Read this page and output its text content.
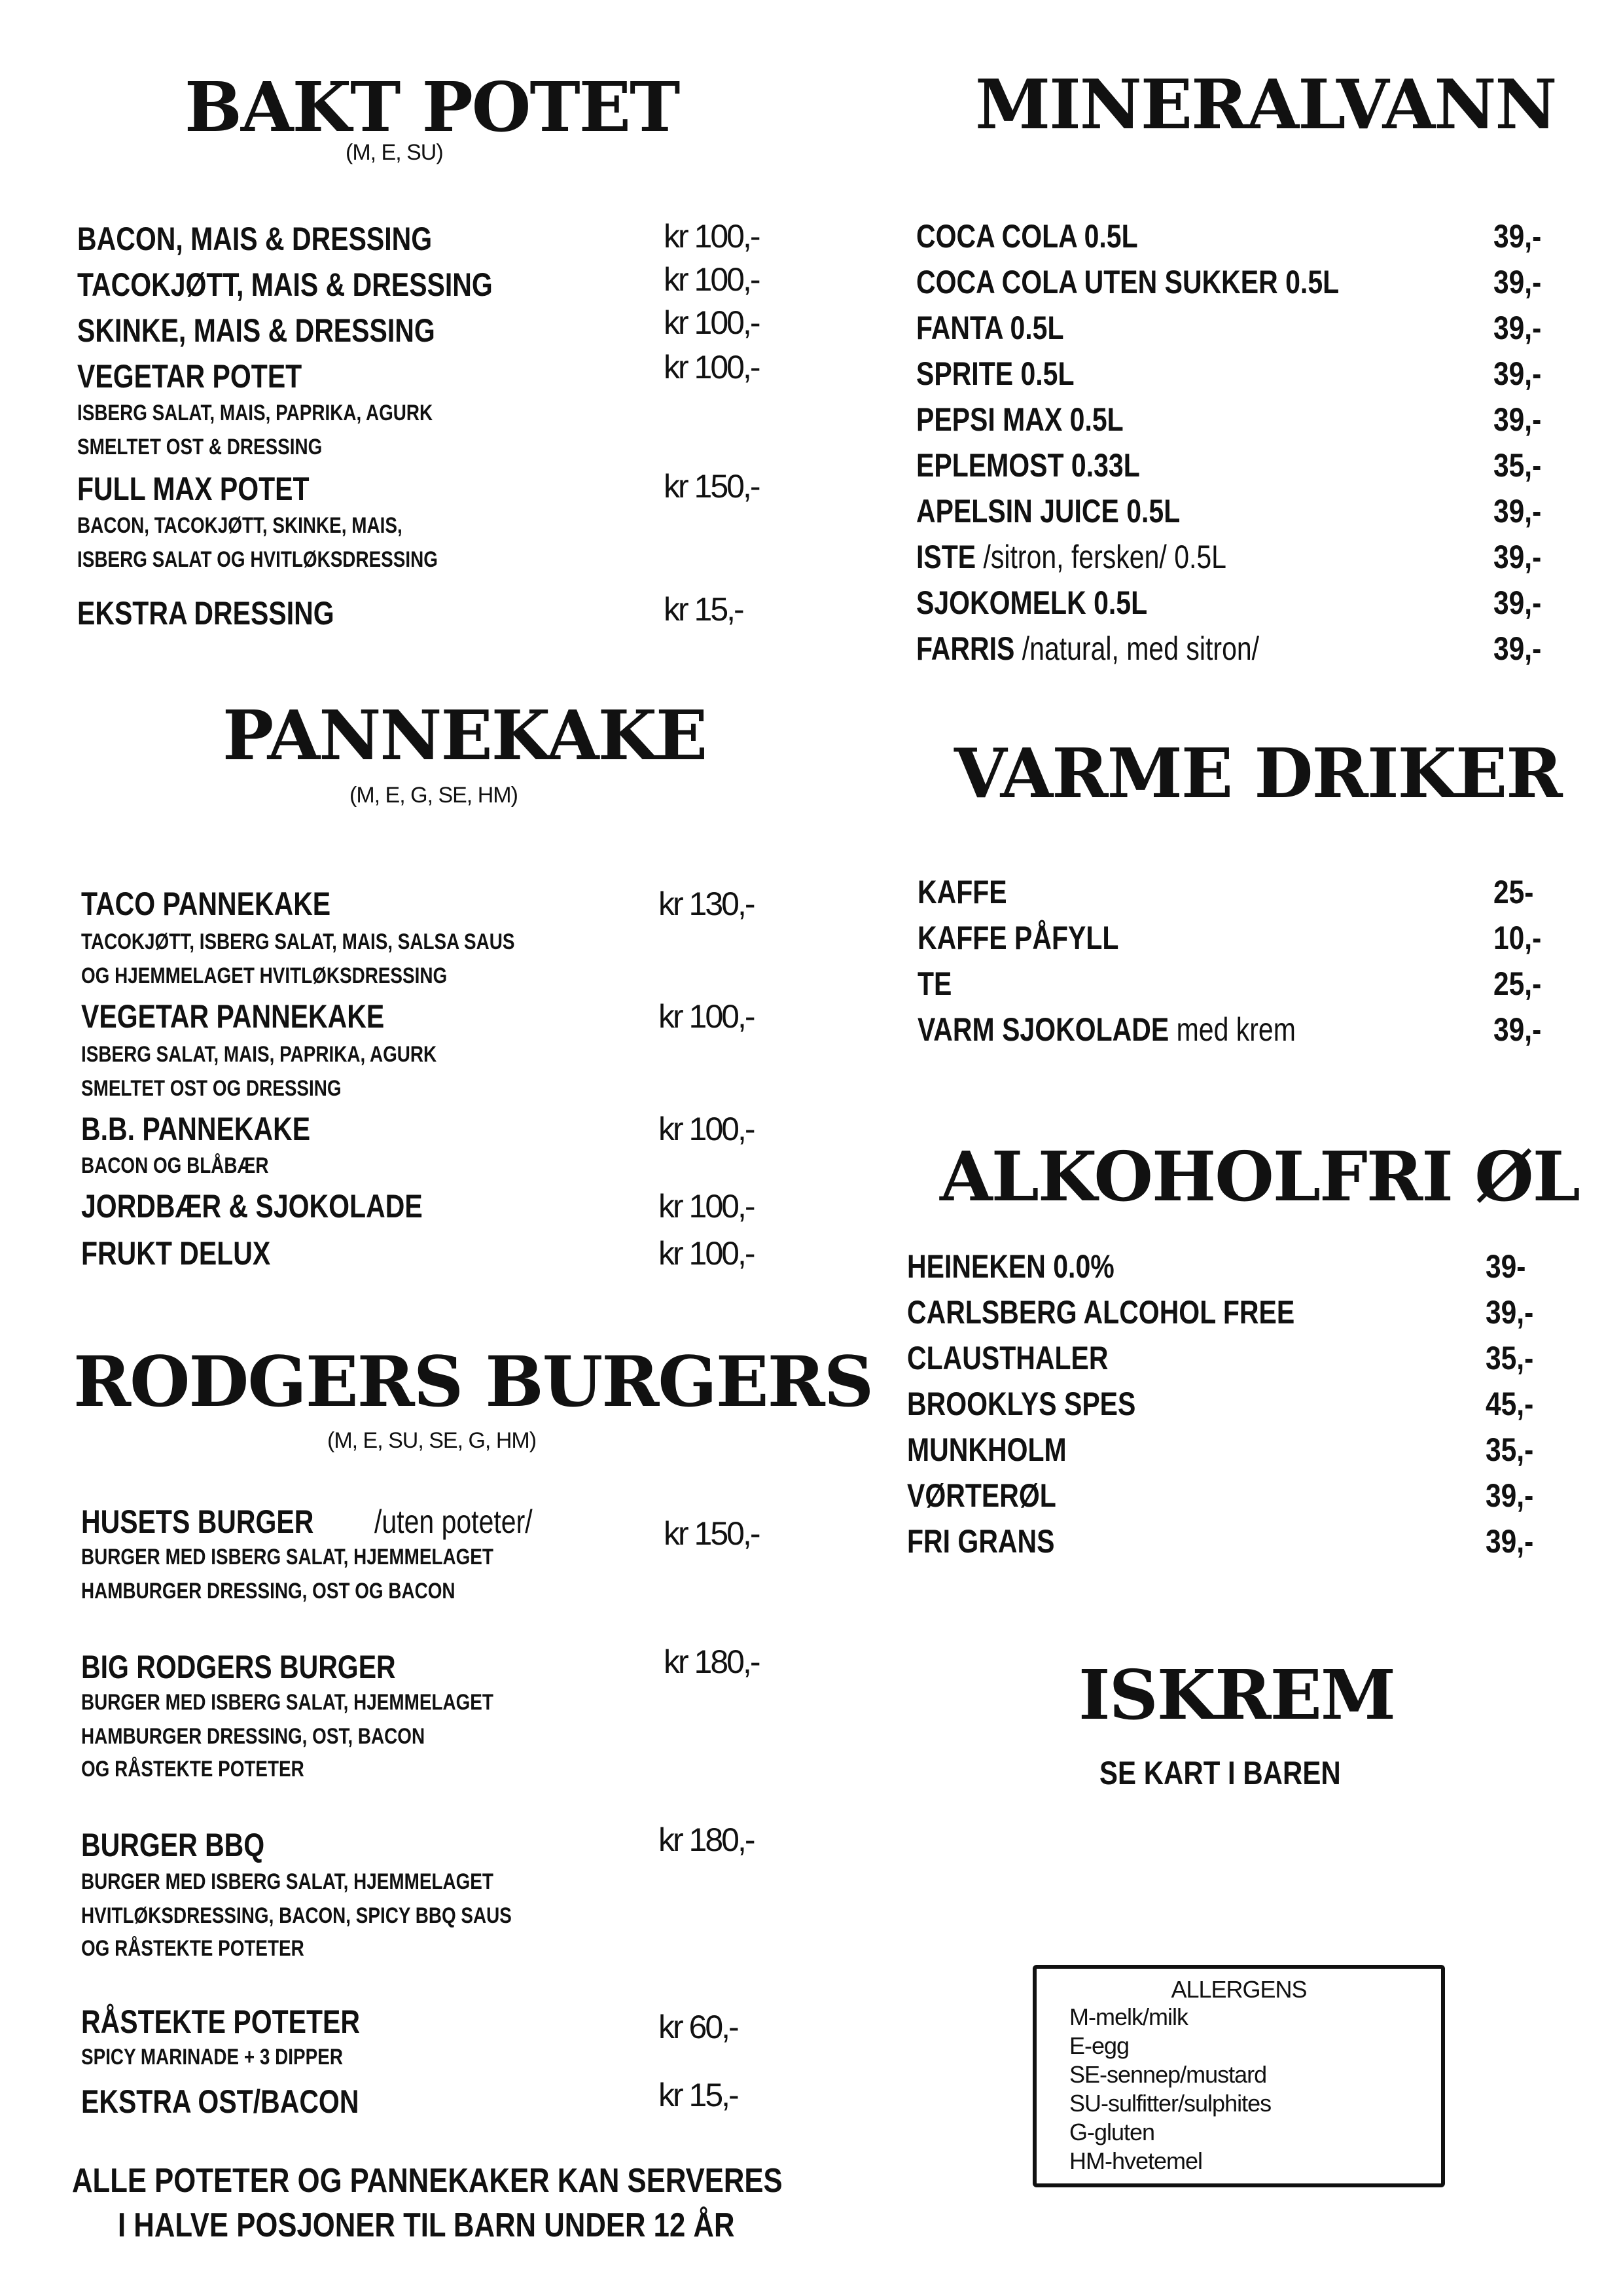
BAKT POTET
(M, E, SU)
BACON, MAIS & DRESSING	kr 100,-
TACOKJØTT, MAIS & DRESSING	kr 100,-
SKINKE, MAIS & DRESSING	kr 100,-
VEGETAR POTET	kr 100,-
ISBERG SALAT, MAIS, PAPRIKA, AGURK
SMELTET OST & DRESSING
FULL MAX POTET	kr 150,-
BACON, TACOKJØTT, SKINKE, MAIS,
ISBERG SALAT OG HVITLØKSDRESSING
EKSTRA DRESSING	kr 15,-
PANNEKAKE
(M, E, G, SE, HM)
TACO PANNEKAKE	kr 130,-
TACOKJØTT, ISBERG SALAT, MAIS, SALSA SAUS
OG HJEMMELAGET HVITLØKSDRESSING
VEGETAR PANNEKAKE	kr 100,-
ISBERG SALAT, MAIS, PAPRIKA, AGURK
SMELTET OST OG DRESSING
B.B. PANNEKAKE	kr 100,-
BACON OG BLÅBÆR
JORDBÆR & SJOKOLADE	kr 100,-
FRUKT DELUX	kr 100,-
RODGERS BURGERS
(M, E, SU, SE, G, HM)
HUSETS BURGER /uten poteter/	kr 150,-
BURGER MED ISBERG SALAT, HJEMMELAGET
HAMBURGER DRESSING, OST OG BACON
BIG RODGERS BURGER	kr 180,-
BURGER MED ISBERG SALAT, HJEMMELAGET
HAMBURGER DRESSING, OST, BACON
OG RÅSTEKTE POTETER
BURGER BBQ	kr 180,-
BURGER MED ISBERG SALAT, HJEMMELAGET
HVITLØKSDRESSING, BACON, SPICY BBQ SAUS
OG RÅSTEKTE POTETER
RÅSTEKTE POTETER	kr 60,-
SPICY MARINADE + 3 DIPPER
EKSTRA OST/BACON	kr 15,-
ALLE POTETER OG PANNEKAKER KAN SERVERES
I HALVE POSJONER TIL BARN UNDER 12 ÅR
MINERALVANN
COCA COLA 0.5L	39,-
COCA COLA UTEN SUKKER 0.5L	39,-
FANTA 0.5L	39,-
SPRITE 0.5L	39,-
PEPSI MAX 0.5L	39,-
EPLEMOST 0.33L	35,-
APELSIN JUICE 0.5L	39,-
ISTE /sitron, fersken/ 0.5L	39,-
SJOKOMELK 0.5L	39,-
FARRIS /natural, med sitron/	39,-
VARME DRIKER
KAFFE	25-
KAFFE PÅFYLL	10,-
TE	25,-
VARM SJOKOLADE med krem	39,-
ALKOHOLFRI ØL
HEINEKEN 0.0%	39-
CARLSBERG ALCOHOL FREE	39,-
CLAUSTHALER	35,-
BROOKLYS SPES	45,-
MUNKHOLM	35,-
VØRTERØL	39,-
FRI GRANS	39,-
ISKREM
SE KART I BAREN
ALLERGENS
M-melk/milk
E-egg
SE-sennep/mustard
SU-sulfitter/sulphites
G-gluten
HM-hvetemel
